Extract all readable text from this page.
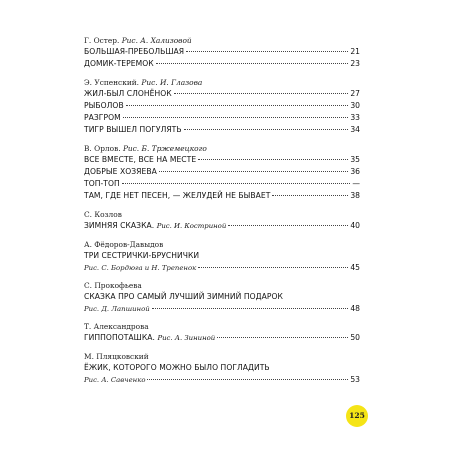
Г. Остер. Рис. А. Хализовой
БОЛЬШАЯ-ПРЕБОЛЬШАЯ	21
ДОМИК-ТЕРЕМОК	23
Э. Успенский. Рис. И. Глазова
ЖИЛ-БЫЛ СЛОНЁНОК	27
РЫБОЛОВ	30
РАЗГРОМ	33
ТИГР ВЫШЕЛ ПОГУЛЯТЬ	34
В. Орлов. Рис. Б. Тржемецкого
ВСЕ ВМЕСТЕ, ВСЕ НА МЕСТЕ	35
ДОБРЫЕ ХОЗЯЕВА	36
ТОП-ТОП	—
ТАМ, ГДЕ НЕТ ПЕСЕН, — ЖЕЛУДЕЙ НЕ БЫВАЕТ	38
С. Козлов
ЗИМНЯЯ СКАЗКА. Рис. И. Костриной	40
А. Фёдоров-Давыдов
ТРИ СЕСТРИЧКИ-БРУСНИЧКИ
Рис. С. Бордюга и Н. Трепенок	45
С. Прокофьева
СКАЗКА ПРО САМЫЙ ЛУЧШИЙ ЗИМНИЙ ПОДАРОК
Рис. Д. Лапшиной	48
Т. Александрова
ГИППОПОТАШКА. Рис. А. Зининой	50
М. Пляцковский
ЁЖИК, КОТОРОГО МОЖНО БЫЛО ПОГЛАДИТЬ
Рис. А. Савченко	53
125
